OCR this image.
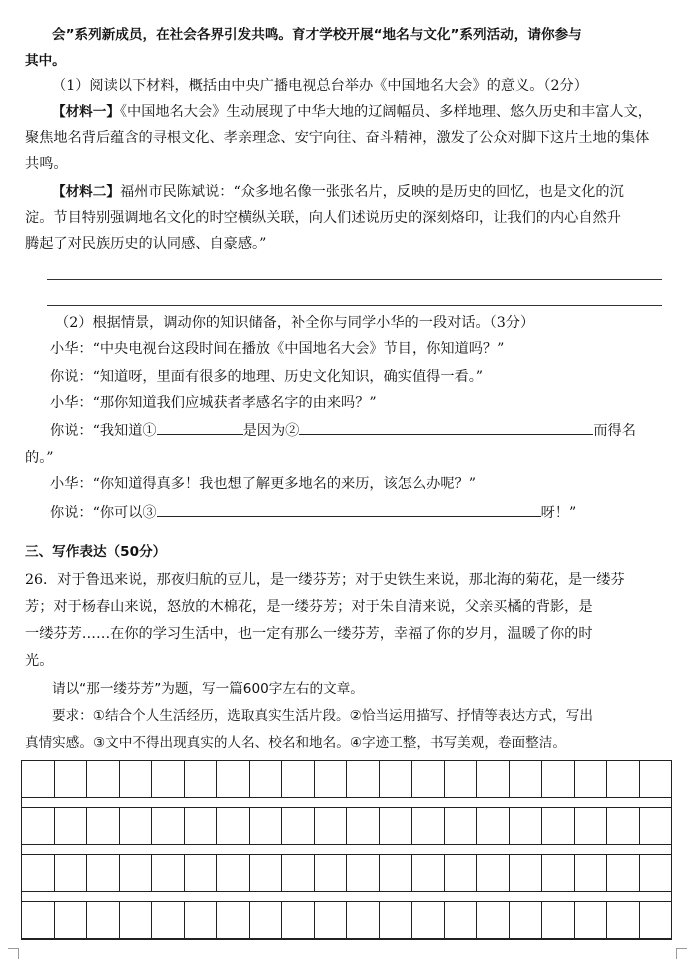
会”系列新成员，在社会各界引发共鸣。育才学校开展“地名与文化”系列活动，请你参与
其中。
（1）阅读以下材料，概括由中央广播电视总台举办《中国地名大会》的意义。（2分）
【材料一】《中国地名大会》生动展现了中华大地的辽阔幅员、多样地理、悠久历史和丰富人文，
聚焦地名背后蕴含的寻根文化、孝亲理念、安宁向往、奋斗精神，激发了公众对脚下这片土地的集体
共鸣。
【材料二】福州市民陈斌说：“众多地名像一张张名片，反映的是历史的回忆，也是文化的沉
淀。节目特别强调地名文化的时空横纵关联，向人们述说历史的深刻烙印，让我们的内心自然升
腾起了对民族历史的认同感、自豪感。”
（2）根据情景，调动你的知识储备，补全你与同学小华的一段对话。（3分）
小华：“中央电视台这段时间在播放《中国地名大会》节目，你知道吗？”
你说：“知道呀，里面有很多的地理、历史文化知识，确实值得一看。”
小华：“那你知道我们应城获者孝感名字的由来吗？”
你说：“我知道①	是因为②	而得名
的。”
小华：“你知道得真多！我也想了解更多地名的来历，该怎么办呢？”
你说：“你可以③	呀！”
三、写作表达（50分）
26．对于鲁迅来说，那夜归航的豆儿，是一缕芬芳；对于史铁生来说，那北海的菊花，是一缕芬
芳；对于杨春山来说，怒放的木棉花，是一缕芬芳；对于朱自清来说，父亲买橘的背影，是
一缕芬芳……在你的学习生活中，也一定有那么一缕芬芳，幸福了你的岁月，温暖了你的时
光。
请以“那一缕芬芳”为题，写一篇600字左右的文章。
要求：①结合个人生活经历，选取真实生活片段。②恰当运用描写、抒情等表达方式，写出
真情实感。③文中不得出现真实的人名、校名和地名。④字迹工整，书写美观，卷面整洁。
